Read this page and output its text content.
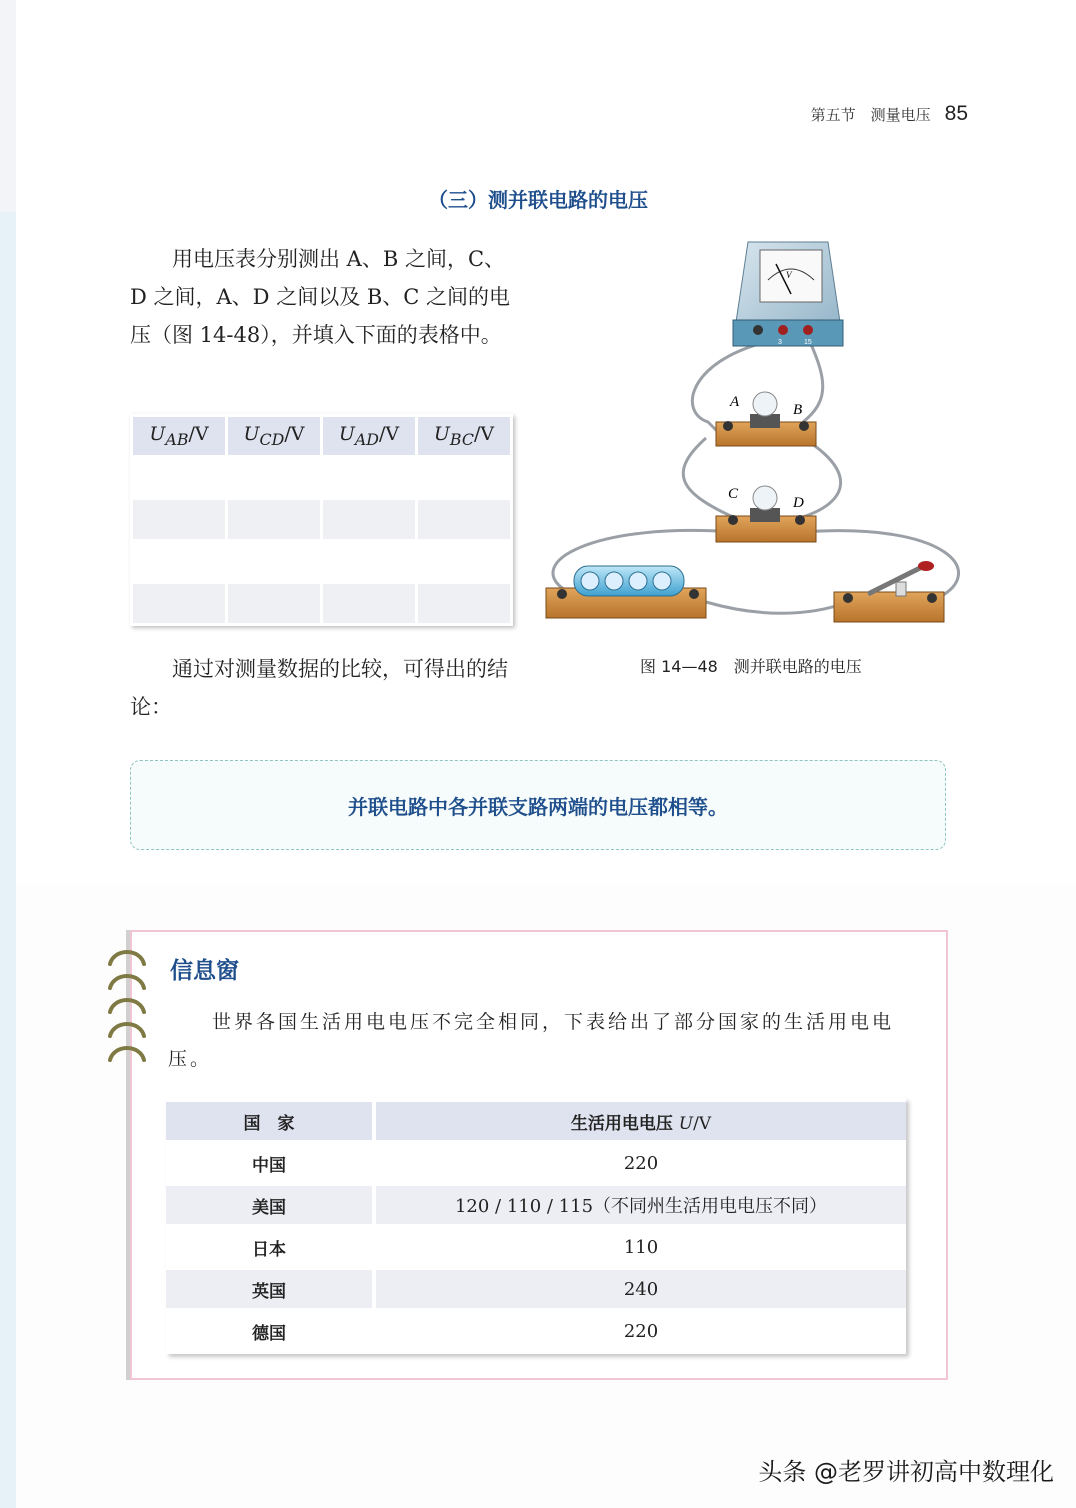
第五节　测量电压 85
（三）测并联电路的电压
用电压表分别测出 A、B 之间，C、D 之间，A、D 之间以及 B、C 之间的电压（图 14-48），并填入下面的表格中。
$U_{AB}/V$	$U_{CD}/V$	$U_{AD}/V$	$U_{BC}/V$

V
3	15
A	B
C
D
图 14—48　测并联电路的电压
通过对测量数据的比较，可得出的结论：
并联电路中各并联支路两端的电压都相等。
信息窗
世界各国生活用电电压不完全相同，下表给出了部分国家的生活用电电压。
国　家	生活用电电压 U/V
中国	220
美国	120 / 110 / 115（不同州生活用电电压不同）
日本	110
英国	240
德国	220
头条 @老罗讲初高中数理化
